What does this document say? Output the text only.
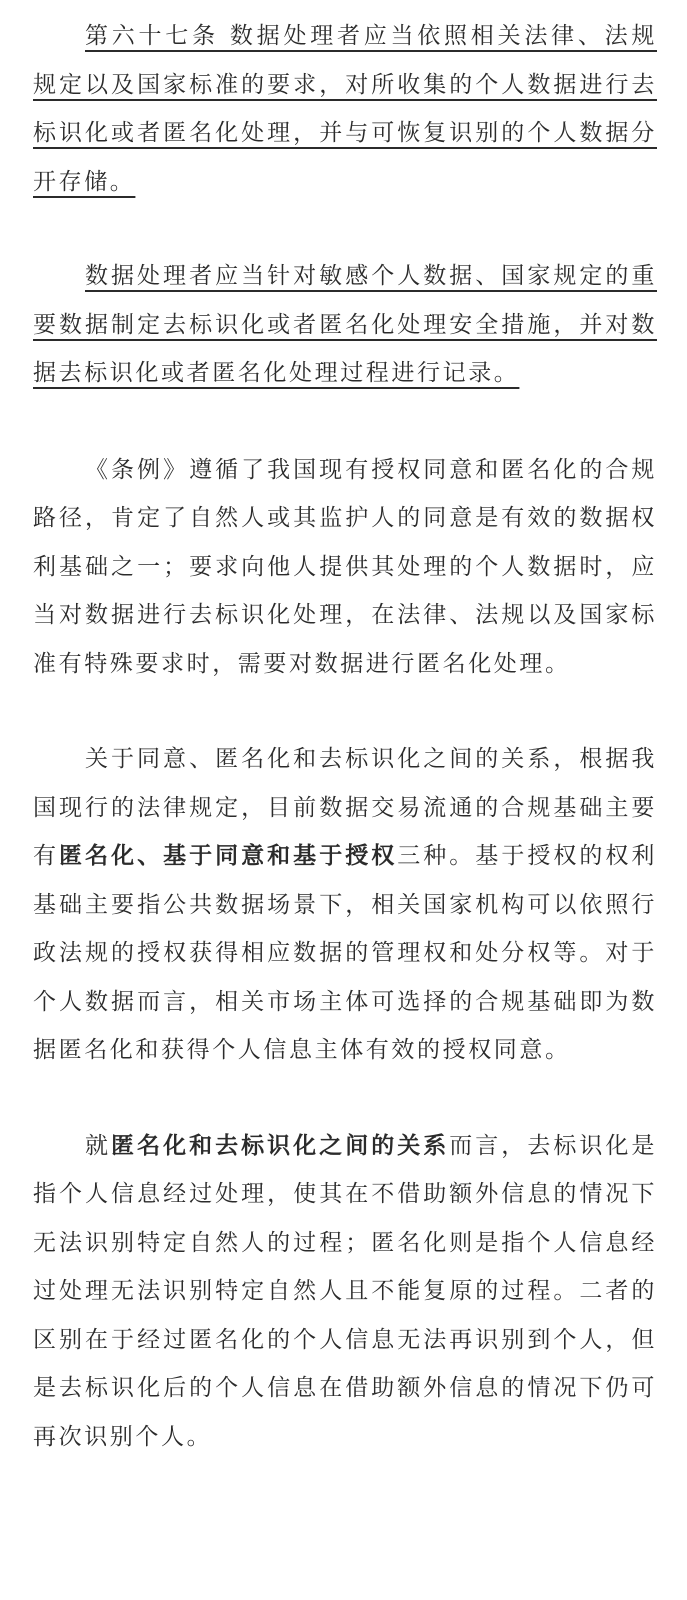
第六十七条 数据处理者应当依照相关法律、法规规定以及国家标准的要求，对所收集的个人数据进行去标识化或者匿名化处理，并与可恢复识别的个人数据分开存储。

数据处理者应当针对敏感个人数据、国家规定的重要数据制定去标识化或者匿名化处理安全措施，并对数据去标识化或者匿名化处理过程进行记录。

《条例》遵循了我国现有授权同意和匿名化的合规路径，肯定了自然人或其监护人的同意是有效的数据权利基础之一；要求向他人提供其处理的个人数据时，应当对数据进行去标识化处理，在法律、法规以及国家标准有特殊要求时，需要对数据进行匿名化处理。

关于同意、匿名化和去标识化之间的关系，根据我国现行的法律规定，目前数据交易流通的合规基础主要有匿名化、基于同意和基于授权三种。基于授权的权利基础主要指公共数据场景下，相关国家机构可以依照行政法规的授权获得相应数据的管理权和处分权等。对于个人数据而言，相关市场主体可选择的合规基础即为数据匿名化和获得个人信息主体有效的授权同意。

就匿名化和去标识化之间的关系而言，去标识化是指个人信息经过处理，使其在不借助额外信息的情况下无法识别特定自然人的过程；匿名化则是指个人信息经过处理无法识别特定自然人且不能复原的过程。二者的区别在于经过匿名化的个人信息无法再识别到个人，但是去标识化后的个人信息在借助额外信息的情况下仍可再次识别个人。
